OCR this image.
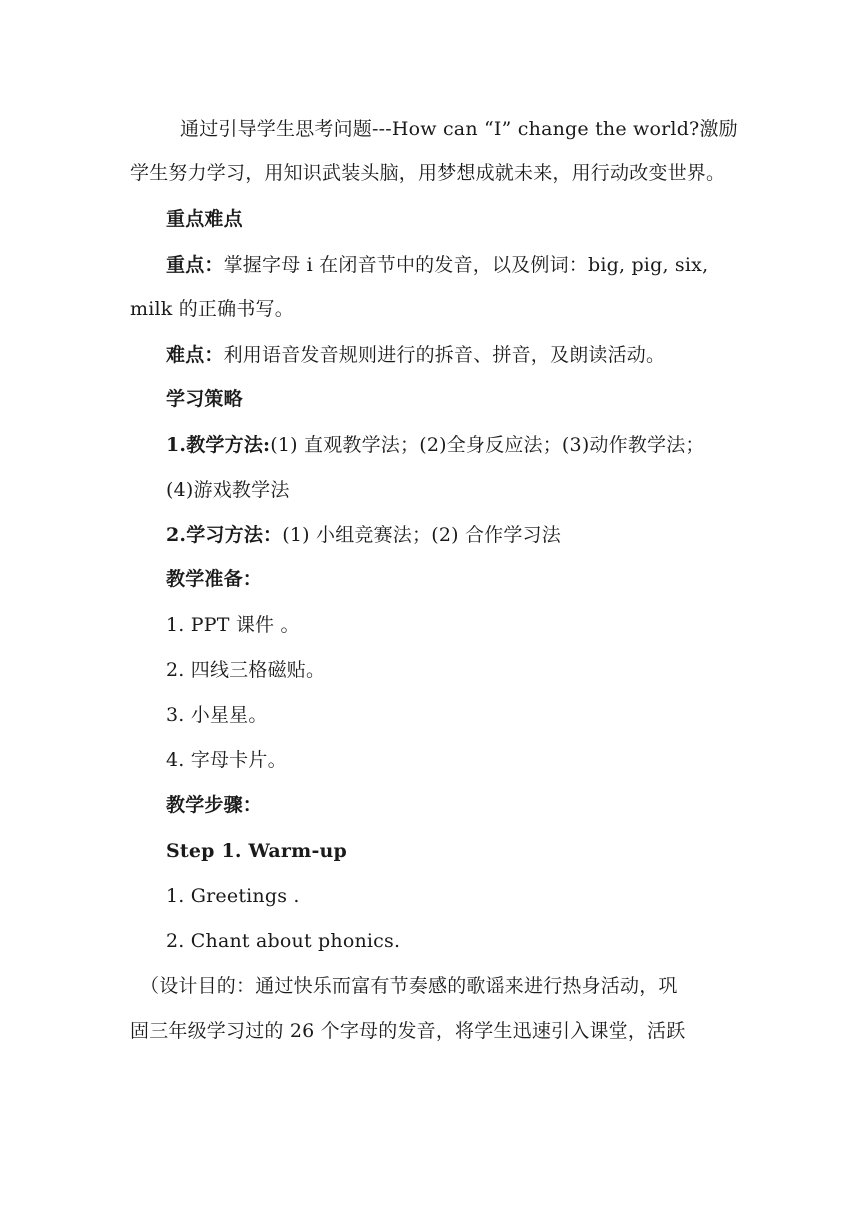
通过引导学生思考问题---How can “I” change the world?激励
学生努力学习，用知识武装头脑，用梦想成就未来，用行动改变世界。
重点难点
重点：掌握字母 i 在闭音节中的发音，以及例词：big, pig, six,
milk 的正确书写。
难点：利用语音发音规则进行的拆音、拼音，及朗读活动。
学习策略
1.教学方法:(1) 直观教学法；(2)全身反应法；(3)动作教学法；
(4)游戏教学法
2.学习方法：(1) 小组竞赛法；(2) 合作学习法
教学准备：
1. PPT 课件 。
2. 四线三格磁贴。
3. 小星星。
4. 字母卡片。
教学步骤：
Step 1. Warm-up
1. Greetings .
2. Chant about phonics.
（设计目的：通过快乐而富有节奏感的歌谣来进行热身活动，巩
固三年级学习过的 26 个字母的发音，将学生迅速引入课堂，活跃
